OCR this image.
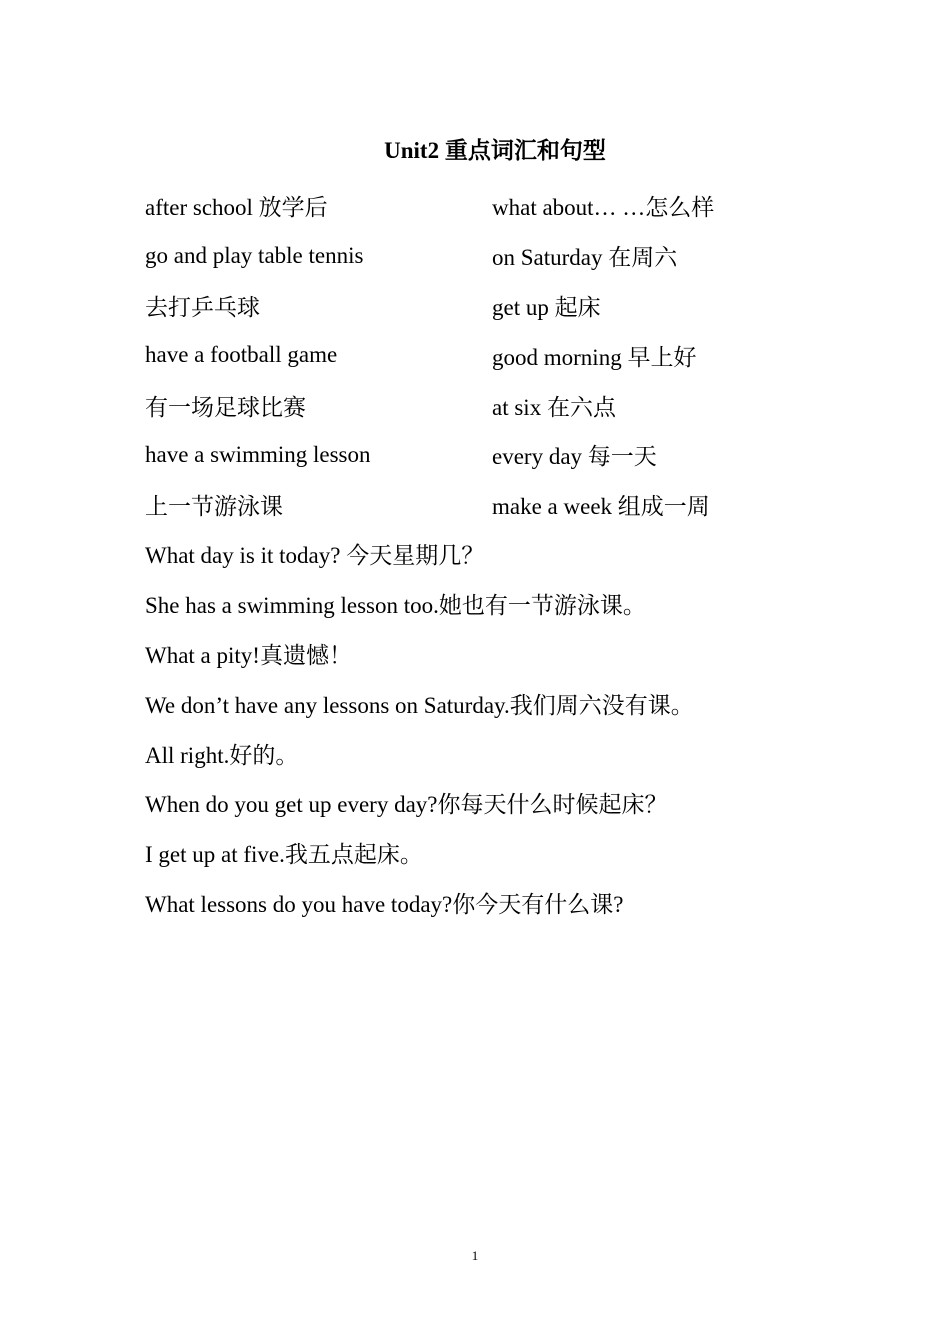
Unit2 重点词汇和句型
after school 放学后	what about… …怎么样
go and play table tennis	on Saturday 在周六
去打乒乓球	get up 起床
have a football game	good morning 早上好
有一场足球比赛	at six 在六点
have a swimming lesson	every day 每一天
上一节游泳课	make a week 组成一周
What day is it today? 今天星期几？
She has a swimming lesson too.她也有一节游泳课。
What a pity!真遗憾！
We don’t have any lessons on Saturday.我们周六没有课。
All right.好的。
When do you get up every day?你每天什么时候起床？
I get up at five.我五点起床。
What lessons do you have today?你今天有什么课?
1
